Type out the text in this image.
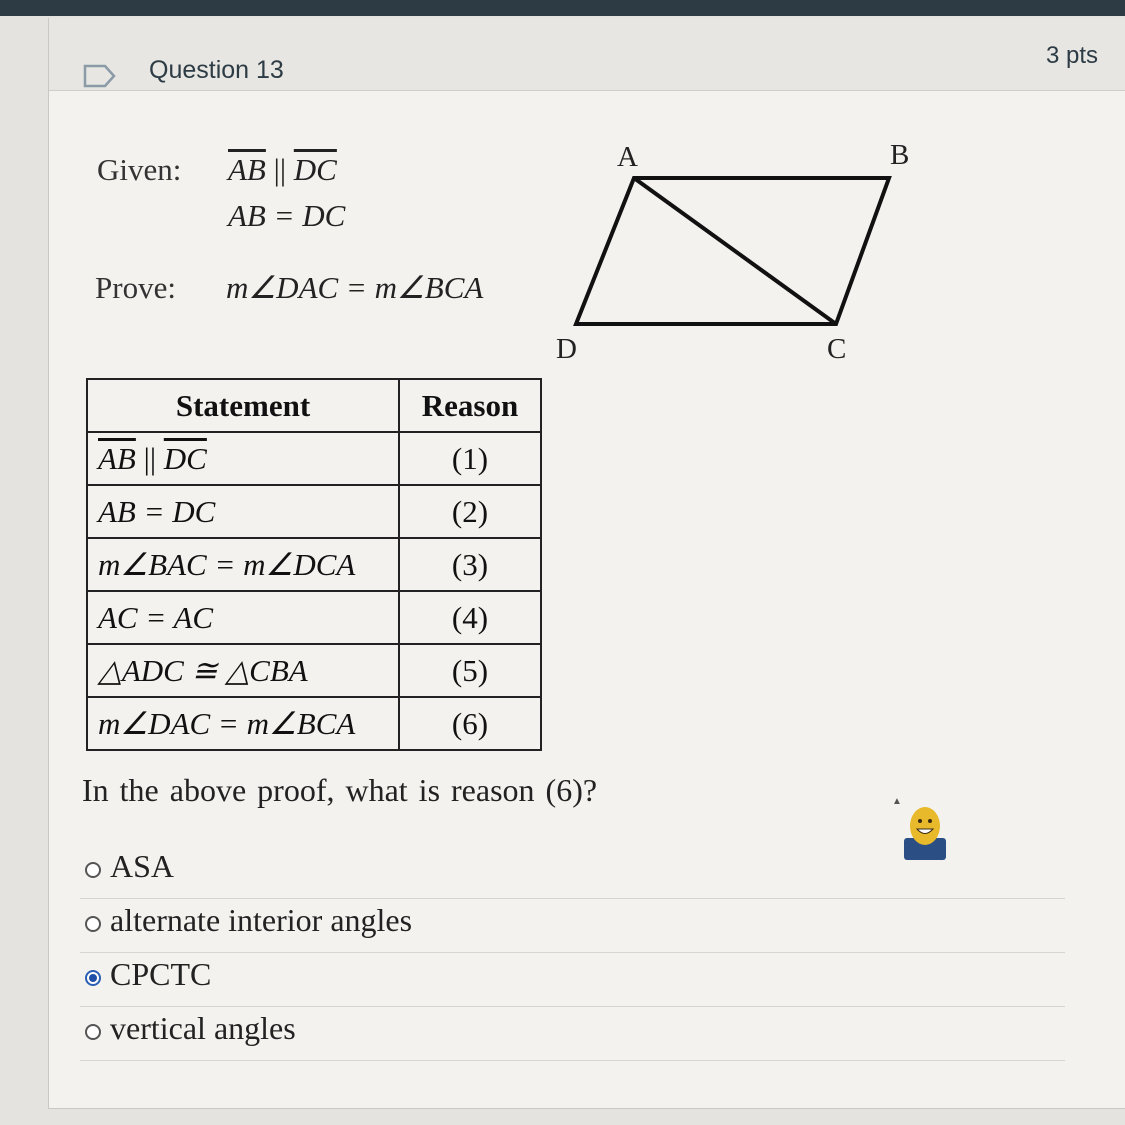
Question 13
3 pts
Given: $\overline{AB}$ || $\overline{DC}$
AB = DC
Prove: m∠DAC = m∠BCA
A	B
C
D
Statement	Reason
$\overline{AB}$ || $\overline{DC}$	(1)
AB = DC	(2)
m∠BAC = m∠DCA	(3)
AC = AC	(4)
△ADC ≅ △CBA	(5)
m∠DAC = m∠BCA	(6)
In the above proof, what is reason (6)?
ASA
alternate interior angles
CPCTC
vertical angles
▲
